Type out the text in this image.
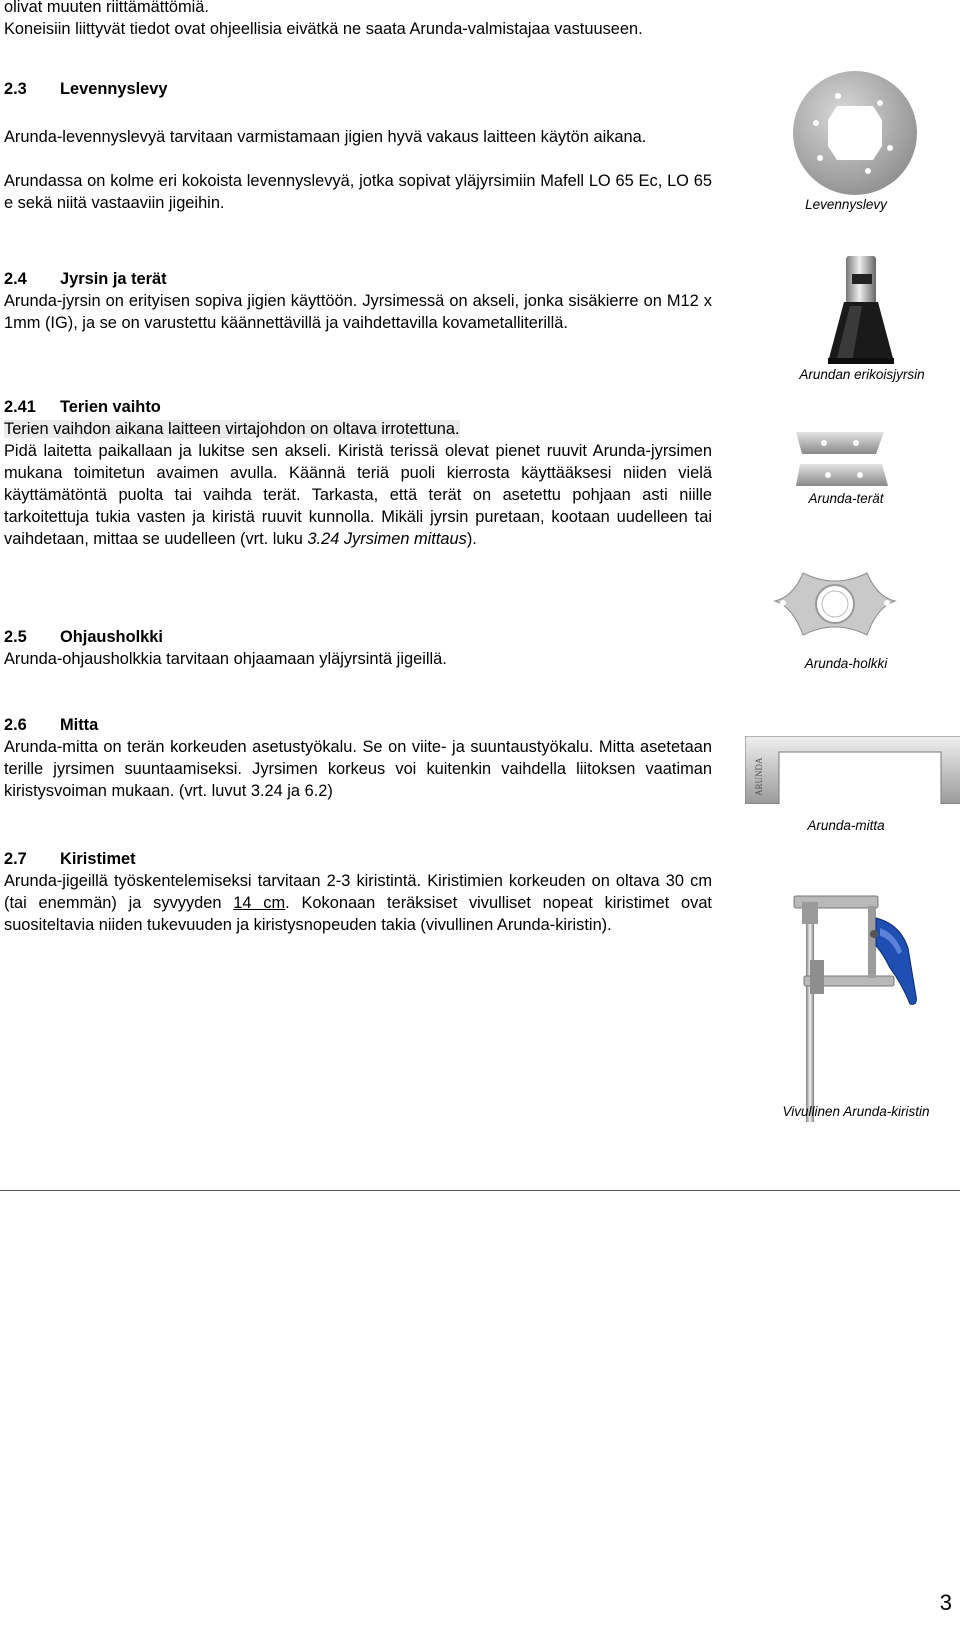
olivat muuten riittämättömiä.
Koneisiin liittyvät tiedot ovat ohjeellisia eivätkä ne saata Arunda-valmistajaa vastuuseen.
2.3 Levennyslevy
Arunda-levennyslevyä tarvitaan varmistamaan jigien hyvä vakaus laitteen käytön aikana.
Arundassa on kolme eri kokoista levennyslevyä, jotka sopivat yläjyrsimiin Mafell LO 65 Ec, LO 65 e sekä niitä vastaaviin jigeihin.
2.4 Jyrsin ja terät
Arunda-jyrsin on erityisen sopiva jigien käyttöön. Jyrsimessä on akseli, jonka sisäkierre on M12 x 1mm (IG), ja se on varustettu käännettävillä ja vaihdettavilla kovametalliterillä.
2.41 Terien vaihto
Terien vaihdon aikana laitteen virtajohdon on oltava irrotettuna.
Pidä laitetta paikallaan ja lukitse sen akseli. Kiristä terissä olevat pienet ruuvit Arunda-jyrsimen mukana toimitetun avaimen avulla. Käännä teriä puoli kierrosta käyttääksesi niiden vielä käyttämätöntä puolta tai vaihda terät. Tarkasta, että terät on asetettu pohjaan asti niille tarkoitettuja tukia vasten ja kiristä ruuvit kunnolla. Mikäli jyrsin puretaan, kootaan uudelleen tai vaihdetaan, mittaa se uudelleen (vrt. luku 3.24 Jyrsimen mittaus).
2.5 Ohjausholkki
Arunda-ohjausholkkia tarvitaan ohjaamaan yläjyrsintä jigeillä.
2.6 Mitta
Arunda-mitta on terän korkeuden asetustyökalu. Se on viite- ja suuntaustyökalu. Mitta asetetaan terille jyrsimen suuntaamiseksi. Jyrsimen korkeus voi kuitenkin vaihdella liitoksen vaatiman kiristysvoiman mukaan. (vrt. luvut 3.24 ja 6.2)
2.7 Kiristimet
Arunda-jigeillä työskentelemiseksi tarvitaan 2-3 kiristintä. Kiristimien korkeuden on oltava 30 cm (tai enemmän) ja syvyyden 14 cm. Kokonaan teräksiset vivulliset nopeat kiristimet ovat suositeltavia niiden tukevuuden ja kiristysnopeuden takia (vivullinen Arunda-kiristin).
Levennyslevy
Arundan erikoisjyrsin
Arunda-terät
Arunda-holkki
ARUNDA
Arunda-mitta
Vivullinen Arunda-kiristin
3
